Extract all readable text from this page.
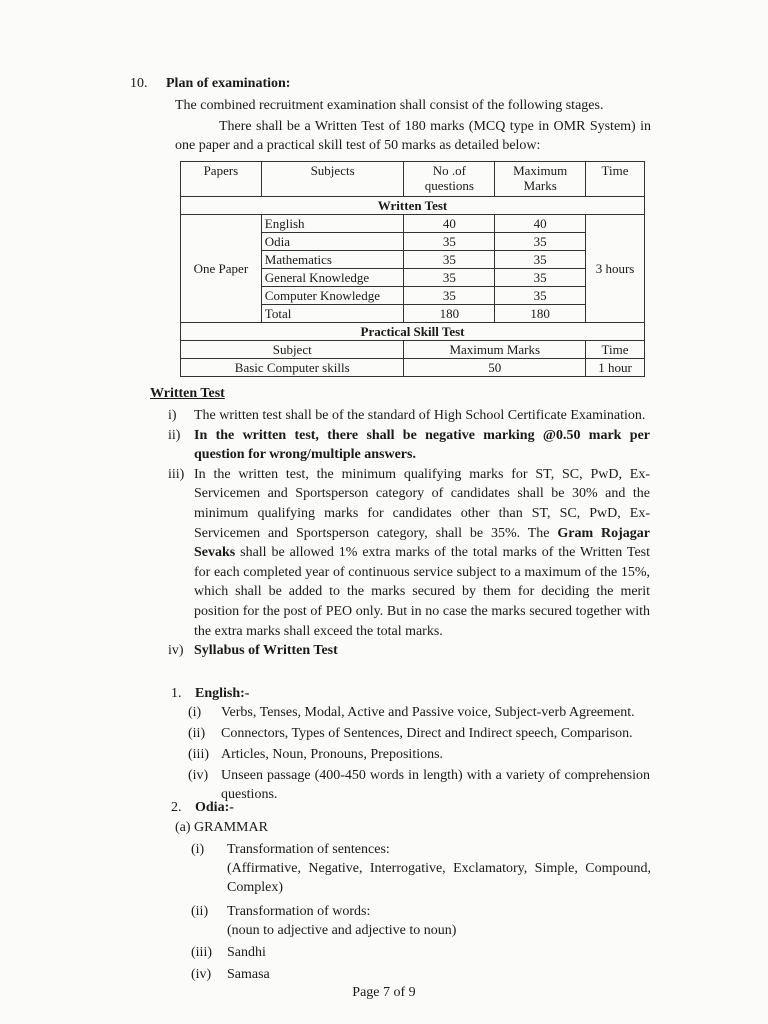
10. Plan of examination:
The combined recruitment examination shall consist of the following stages.
There shall be a Written Test of 180 marks (MCQ type in OMR System) in one paper and a practical skill test of 50 marks as detailed below:
Papers	Subjects	No .of questions	Maximum Marks	Time
Written Test				
One Paper	English	40	40	3 hours
	Odia	35	35	
	Mathematics	35	35	
	General Knowledge	35	35	
	Computer Knowledge	35	35	
	Total	180	180	
Practical Skill Test				
Subject		Maximum Marks		Time
Basic Computer skills		50		1 hour
Written Test
i)	The written test shall be of the standard of High School Certificate Examination.
ii) In the written test, there shall be negative marking @0.50 mark per question for wrong/multiple answers.
iii) In the written test, the minimum qualifying marks for ST, SC, PwD, Ex-Servicemen and Sportsperson category of candidates shall be 30% and the minimum qualifying marks for candidates other than ST, SC, PwD, Ex-Servicemen and Sportsperson category, shall be 35%. The Gram Rojagar Sevaks shall be allowed 1% extra marks of the total marks of the Written Test for each completed year of continuous service subject to a maximum of the 15%, which shall be added to the marks secured by them for deciding the merit position for the post of PEO only. But in no case the marks secured together with the extra marks shall exceed the total marks.
iv) Syllabus of Written Test
1. English:-
(i)	Verbs, Tenses, Modal, Active and Passive voice, Subject-verb Agreement.
(ii)	Connectors, Types of Sentences, Direct and Indirect speech, Comparison.
(iii) Articles, Noun, Pronouns, Prepositions.
(iv) Unseen passage (400-450 words in length) with a variety of comprehension questions.
2. Odia:-
(a) GRAMMAR
(i)	Transformation of sentences:
(Affirmative, Negative, Interrogative, Exclamatory, Simple, Compound, Complex)
(ii)	Transformation of words:
(noun to adjective and adjective to noun)
(iii)	Sandhi
(iv)	Samasa
Page 7 of 9
